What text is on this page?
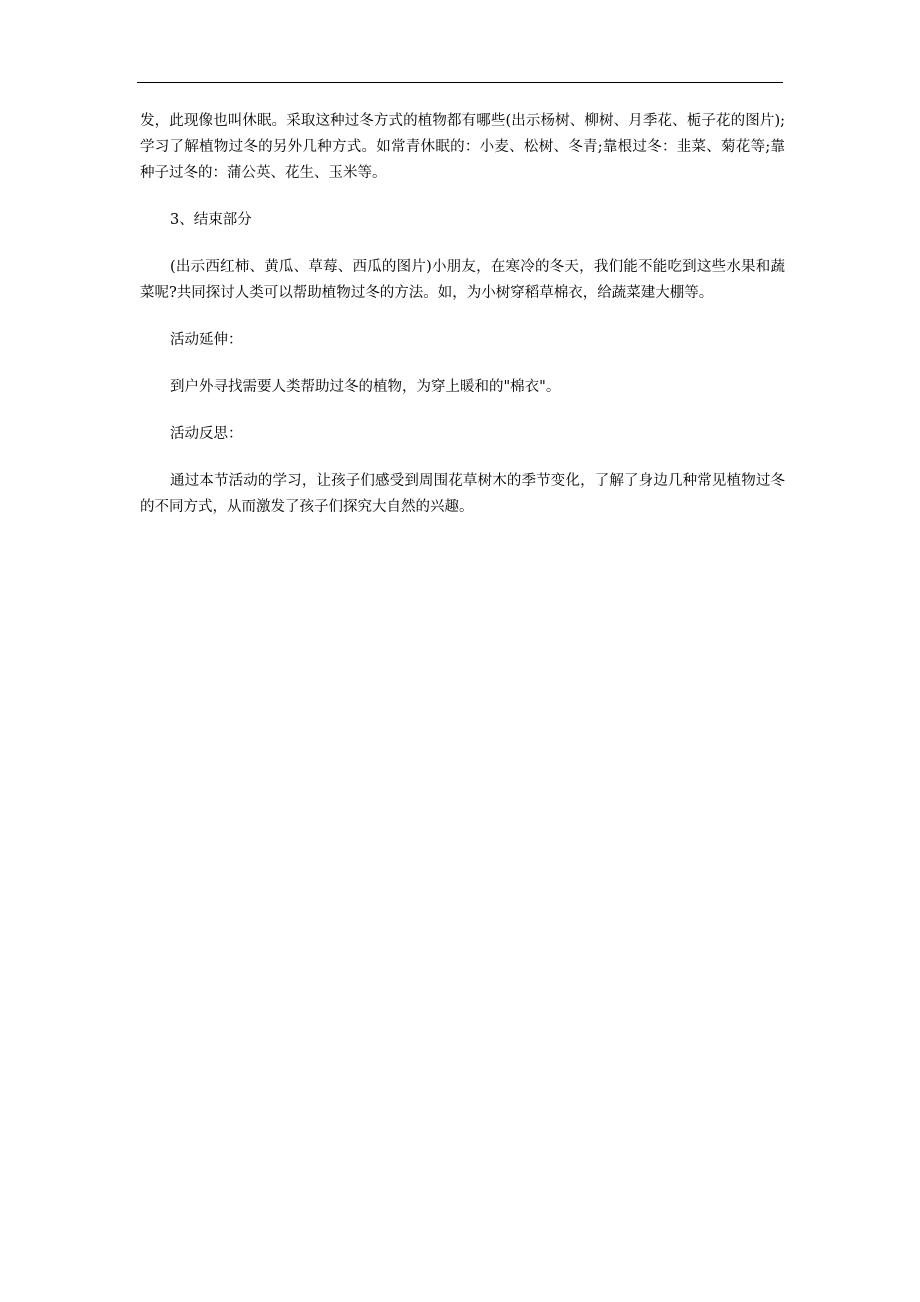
发，此现像也叫休眠。采取这种过冬方式的植物都有哪些(出示杨树、柳树、月季花、栀子花的图片);学习了解植物过冬的另外几种方式。如常青休眠的：小麦、松树、冬青;靠根过冬：韭菜、菊花等;靠种子过冬的：蒲公英、花生、玉米等。

3、结束部分

(出示西红柿、黄瓜、草莓、西瓜的图片)小朋友，在寒冷的冬天，我们能不能吃到这些水果和蔬菜呢?共同探讨人类可以帮助植物过冬的方法。如，为小树穿稻草棉衣，给蔬菜建大棚等。

活动延伸：

到户外寻找需要人类帮助过冬的植物，为穿上暖和的"棉衣"。

活动反思：

通过本节活动的学习，让孩子们感受到周围花草树木的季节变化，了解了身边几种常见植物过冬的不同方式，从而激发了孩子们探究大自然的兴趣。
